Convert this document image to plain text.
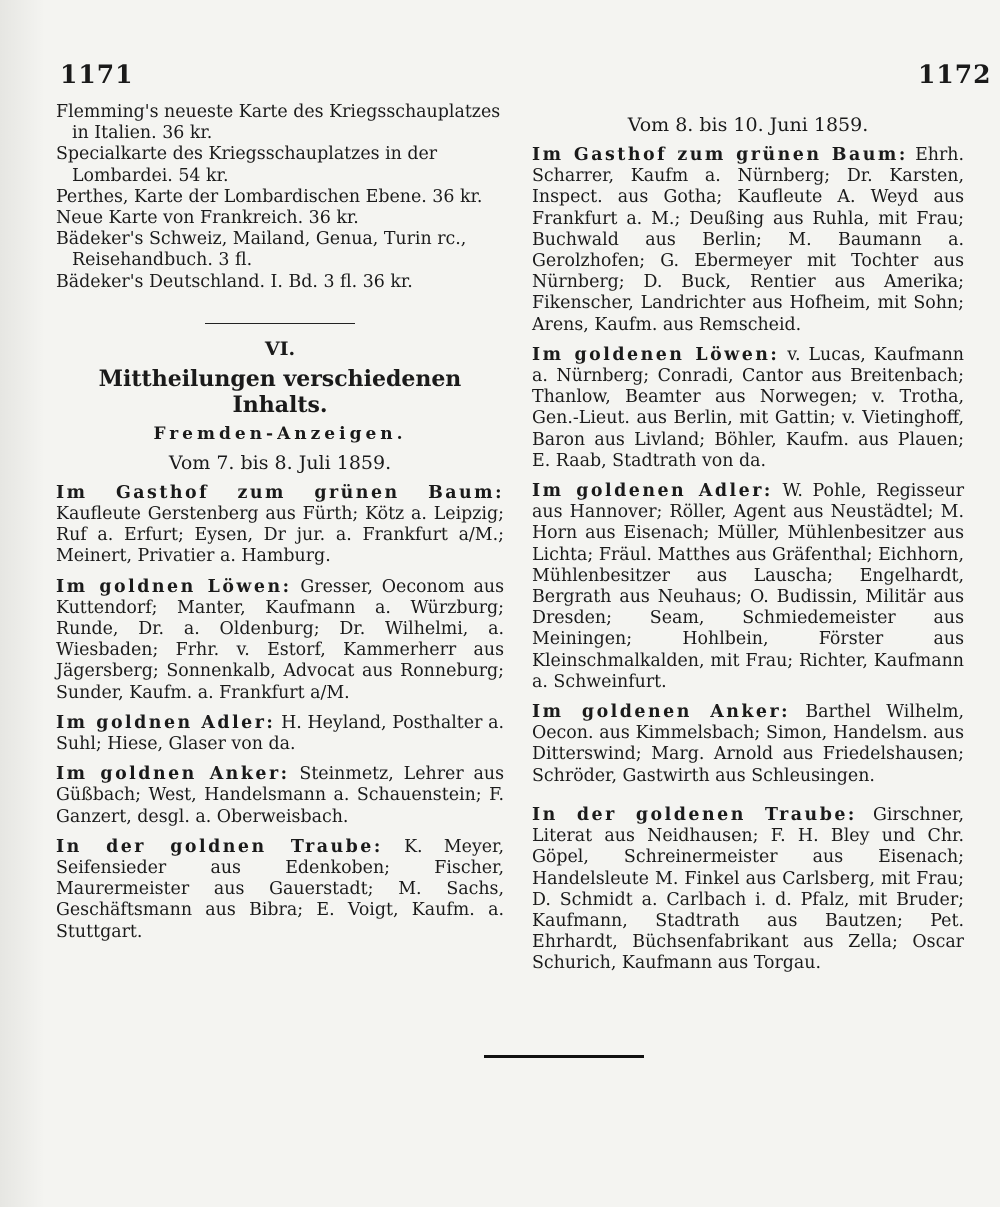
1171	1172

Flemming's neueste Karte des Kriegsschauplatzes in Italien. 36 kr.

Specialkarte des Kriegsschauplatzes in der Lombardei. 54 kr.

Perthes, Karte der Lombardischen Ebene. 36 kr.

Neue Karte von Frankreich. 36 kr.

Bädeker's Schweiz, Mailand, Genua, Turin rc., Reisehandbuch. 3 fl.

Bädeker's Deutschland. I. Bd. 3 fl. 36 kr.

VI.
Mittheilungen verschiedenen Inhalts.
Fremden-Anzeigen.
Vom 7. bis 8. Juli 1859.

Im Gasthof zum grünen Baum: Kaufleute Gerstenberg aus Fürth; Kötz a. Leipzig; Ruf a. Erfurt; Eysen, Dr jur. a. Frankfurt a/M.; Meinert, Privatier a. Hamburg.

Im goldnen Löwen: Gresser, Oeconom aus Kuttendorf; Manter, Kaufmann a. Würzburg; Runde, Dr. a. Oldenburg; Dr. Wilhelmi, a. Wiesbaden; Frhr. v. Estorf, Kammerherr aus Jägersberg; Sonnenkalb, Advocat aus Ronneburg; Sunder, Kaufm. a. Frankfurt a/M.

Im goldnen Adler: H. Heyland, Posthalter a. Suhl; Hiese, Glaser von da.

Im goldnen Anker: Steinmetz, Lehrer aus Güßbach; West, Handelsmann a. Schauenstein; F. Ganzert, desgl. a. Oberweisbach.

In der goldnen Traube: K. Meyer, Seifensieder aus Edenkoben; Fischer, Maurermeister aus Gauerstadt; M. Sachs, Geschäftsmann aus Bibra; E. Voigt, Kaufm. a. Stuttgart.

Vom 8. bis 10. Juni 1859.

Im Gasthof zum grünen Baum: Ehrh. Scharrer, Kaufm a. Nürnberg; Dr. Karsten, Inspect. aus Gotha; Kaufleute A. Weyd aus Frankfurt a. M.; Deußing aus Ruhla, mit Frau; Buchwald aus Berlin; M. Baumann a. Gerolzhofen; G. Ebermeyer mit Tochter aus Nürnberg; D. Buck, Rentier aus Amerika; Fikenscher, Landrichter aus Hofheim, mit Sohn; Arens, Kaufm. aus Remscheid.

Im goldenen Löwen: v. Lucas, Kaufmann a. Nürnberg; Conradi, Cantor aus Breitenbach; Thanlow, Beamter aus Norwegen; v. Trotha, Gen.-Lieut. aus Berlin, mit Gattin; v. Vietinghoff, Baron aus Livland; Böhler, Kaufm. aus Plauen; E. Raab, Stadtrath von da.

Im goldenen Adler: W. Pohle, Regisseur aus Hannover; Röller, Agent aus Neustädtel; M. Horn aus Eisenach; Müller, Mühlenbesitzer aus Lichta; Fräul. Matthes aus Gräfenthal; Eichhorn, Mühlenbesitzer aus Lauscha; Engelhardt, Bergrath aus Neuhaus; O. Budissin, Militär aus Dresden; Seam, Schmiedemeister aus Meiningen; Hohlbein, Förster aus Kleinschmalkalden, mit Frau; Richter, Kaufmann a. Schweinfurt.

Im goldenen Anker: Barthel Wilhelm, Oecon. aus Kimmelsbach; Simon, Handelsm. aus Ditterswind; Marg. Arnold aus Friedelshausen; Schröder, Gastwirth aus Schleusingen.

In der goldenen Traube: Girschner, Literat aus Neidhausen; F. H. Bley und Chr. Göpel, Schreinermeister aus Eisenach; Handelsleute M. Finkel aus Carlsberg, mit Frau; D. Schmidt a. Carlbach i. d. Pfalz, mit Bruder; Kaufmann, Stadtrath aus Bautzen; Pet. Ehrhardt, Büchsenfabrikant aus Zella; Oscar Schurich, Kaufmann aus Torgau.
